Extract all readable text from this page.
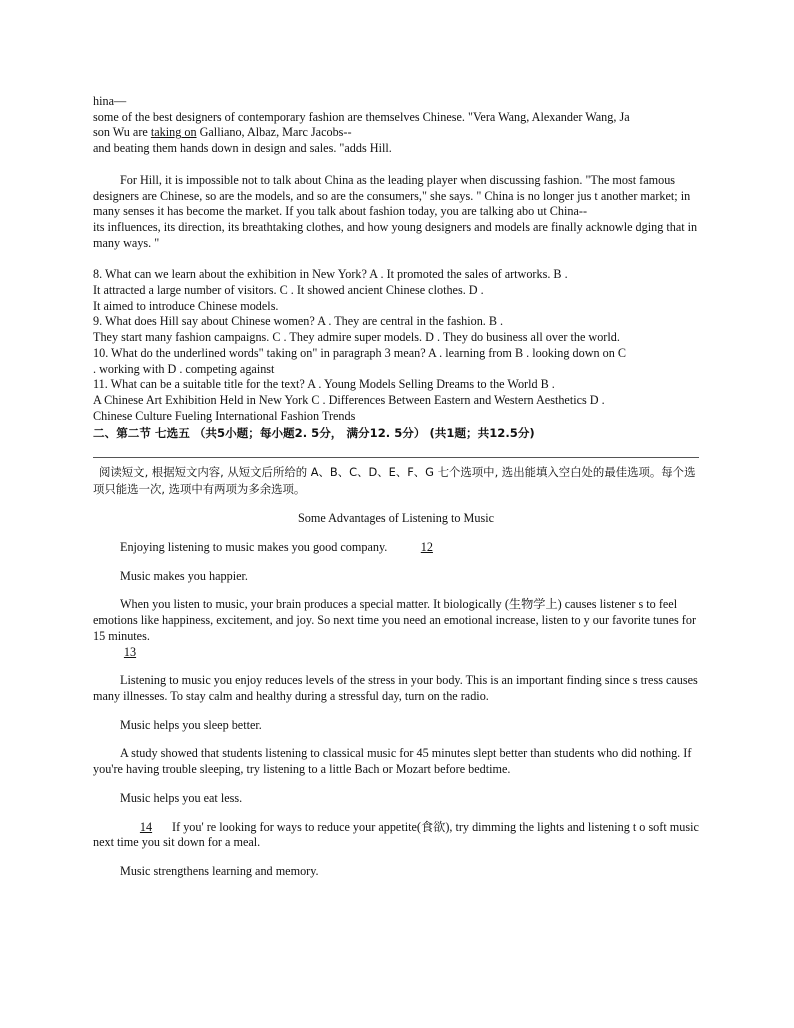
hina—

some of the best designers of contemporary fashion are themselves Chinese. "Vera Wang, Alexander Wang, Ja
son Wu are taking on Galliano, Albaz, Marc Jacobs--

and beating them hands down in design and sales. "adds Hill.

For Hill, it is impossible not to talk about China as the leading player when discussing fashion. "The most famous designers are Chinese, so are the models, and so are the consumers," she says. " China is no longer jus t another market; in many senses it has become the market. If you talk about fashion today, you are talking abo ut China--

its influences, its direction, its breathtaking clothes, and how young designers and models are finally acknowle dging that in many ways. "

8. What can we learn about the exhibition in New York? A . It promoted the sales of artworks. B .

It attracted a large number of visitors. C . It showed ancient Chinese clothes. D .

It aimed to introduce Chinese models.

9. What does Hill say about Chinese women? A . They are central in the fashion. B .

They start many fashion campaigns. C . They admire super models. D . They do business all over the world.

10. What do the underlined words" taking on" in paragraph 3 mean? A . learning from B . looking down on C

. working with D . competing against

11. What can be a suitable title for the text? A . Young Models Selling Dreams to the World B .

A Chinese Art Exhibition Held in New York C . Differences Between Eastern and Western Aesthetics D .

Chinese Culture Fueling International Fashion Trends

二、第二节 七选五 （共5小题；每小题2. 5分， 满分12. 5分） (共1题；共12.5分)

阅读短文, 根据短文内容, 从短文后所给的 A、B、C、D、E、F、G 七个选项中, 选出能填入空白处的最佳选项。每个选项只能选一次, 选项中有两项为多余选项。

Some Advantages of Listening to Music

Enjoying listening to music makes you good company.	12

Music makes you happier.

When you listen to music, your brain produces a special matter. It biologically (生物学上) causes listener s to feel emotions like happiness, excitement, and joy. So next time you need an emotional increase, listen to y our favorite tunes for 15 minutes.

13

Listening to music you enjoy reduces levels of the stress in your body. This is an important finding since s tress causes many illnesses. To stay calm and healthy during a stressful day, turn on the radio.

Music helps you sleep better.

A study showed that students listening to classical music for 45 minutes slept better than students who did nothing. If you're having trouble sleeping, try listening to a little Bach or Mozart before bedtime.

Music helps you eat less.

14 If you' re looking for ways to reduce your appetite(食欲), try dimming the lights and listening t o soft music next time you sit down for a meal.

Music strengthens learning and memory.
